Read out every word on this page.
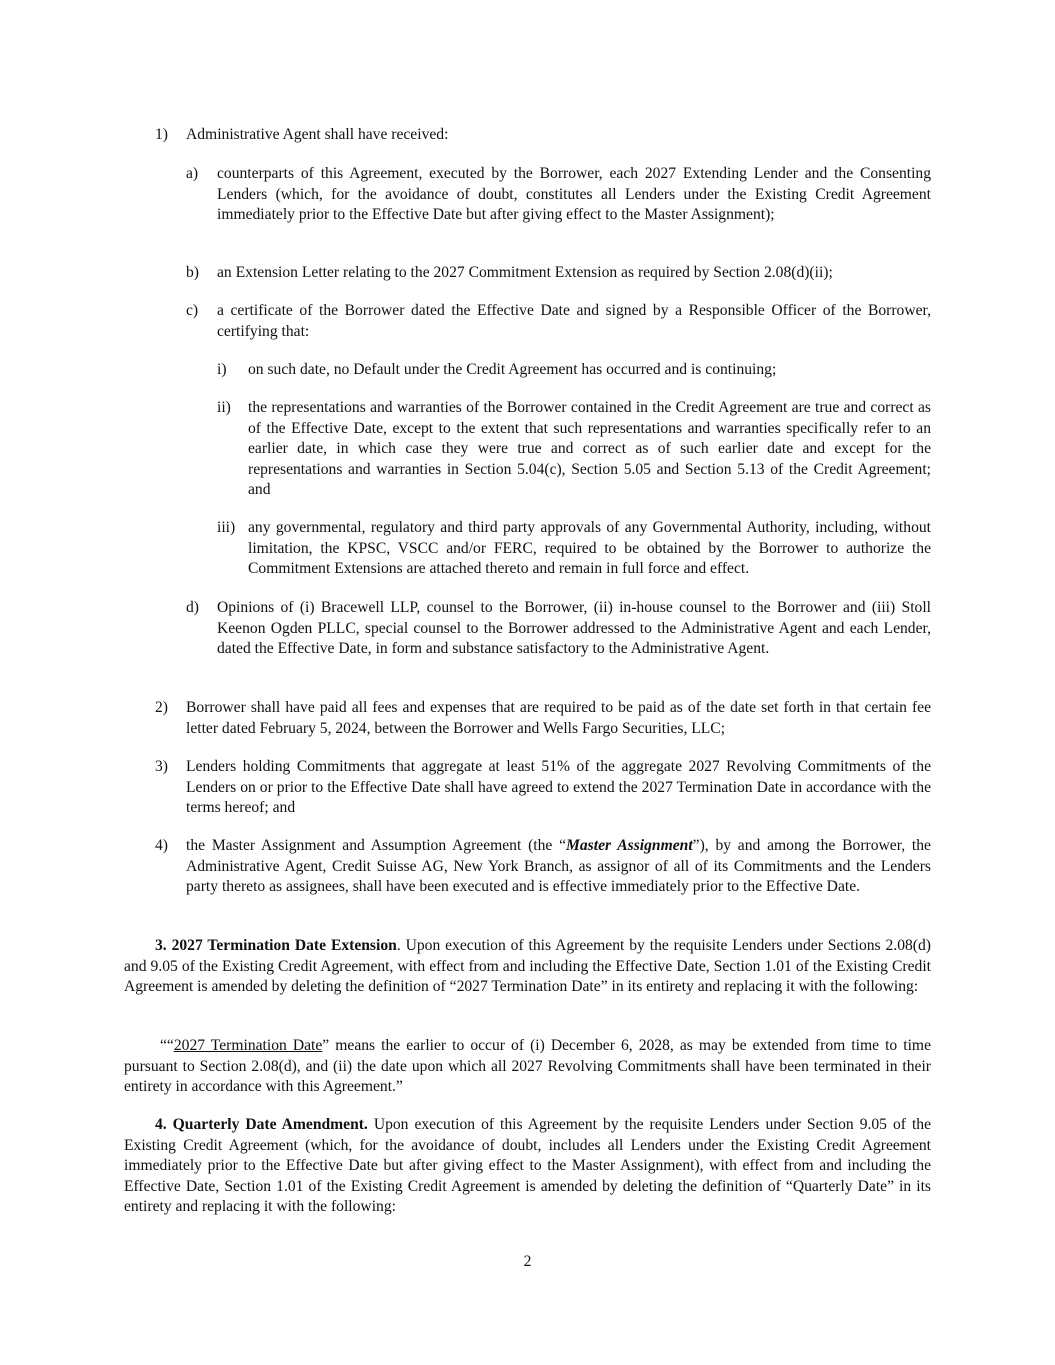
1) Administrative Agent shall have received:
a) counterparts of this Agreement, executed by the Borrower, each 2027 Extending Lender and the Consenting Lenders (which, for the avoidance of doubt, constitutes all Lenders under the Existing Credit Agreement immediately prior to the Effective Date but after giving effect to the Master Assignment);
b) an Extension Letter relating to the 2027 Commitment Extension as required by Section 2.08(d)(ii);
c) a certificate of the Borrower dated the Effective Date and signed by a Responsible Officer of the Borrower, certifying that:
i) on such date, no Default under the Credit Agreement has occurred and is continuing;
ii) the representations and warranties of the Borrower contained in the Credit Agreement are true and correct as of the Effective Date, except to the extent that such representations and warranties specifically refer to an earlier date, in which case they were true and correct as of such earlier date and except for the representations and warranties in Section 5.04(c), Section 5.05 and Section 5.13 of the Credit Agreement; and
iii) any governmental, regulatory and third party approvals of any Governmental Authority, including, without limitation, the KPSC, VSCC and/or FERC, required to be obtained by the Borrower to authorize the Commitment Extensions are attached thereto and remain in full force and effect.
d) Opinions of (i) Bracewell LLP, counsel to the Borrower, (ii) in-house counsel to the Borrower and (iii) Stoll Keenon Ogden PLLC, special counsel to the Borrower addressed to the Administrative Agent and each Lender, dated the Effective Date, in form and substance satisfactory to the Administrative Agent.
2) Borrower shall have paid all fees and expenses that are required to be paid as of the date set forth in that certain fee letter dated February 5, 2024, between the Borrower and Wells Fargo Securities, LLC;
3) Lenders holding Commitments that aggregate at least 51% of the aggregate 2027 Revolving Commitments of the Lenders on or prior to the Effective Date shall have agreed to extend the 2027 Termination Date in accordance with the terms hereof; and
4) the Master Assignment and Assumption Agreement (the “Master Assignment”), by and among the Borrower, the Administrative Agent, Credit Suisse AG, New York Branch, as assignor of all of its Commitments and the Lenders party thereto as assignees, shall have been executed and is effective immediately prior to the Effective Date.
3. 2027 Termination Date Extension. Upon execution of this Agreement by the requisite Lenders under Sections 2.08(d) and 9.05 of the Existing Credit Agreement, with effect from and including the Effective Date, Section 1.01 of the Existing Credit Agreement is amended by deleting the definition of “2027 Termination Date” in its entirety and replacing it with the following:
““2027 Termination Date” means the earlier to occur of (i) December 6, 2028, as may be extended from time to time pursuant to Section 2.08(d), and (ii) the date upon which all 2027 Revolving Commitments shall have been terminated in their entirety in accordance with this Agreement.”
4. Quarterly Date Amendment. Upon execution of this Agreement by the requisite Lenders under Section 9.05 of the Existing Credit Agreement (which, for the avoidance of doubt, includes all Lenders under the Existing Credit Agreement immediately prior to the Effective Date but after giving effect to the Master Assignment), with effect from and including the Effective Date, Section 1.01 of the Existing Credit Agreement is amended by deleting the definition of “Quarterly Date” in its entirety and replacing it with the following:
2
